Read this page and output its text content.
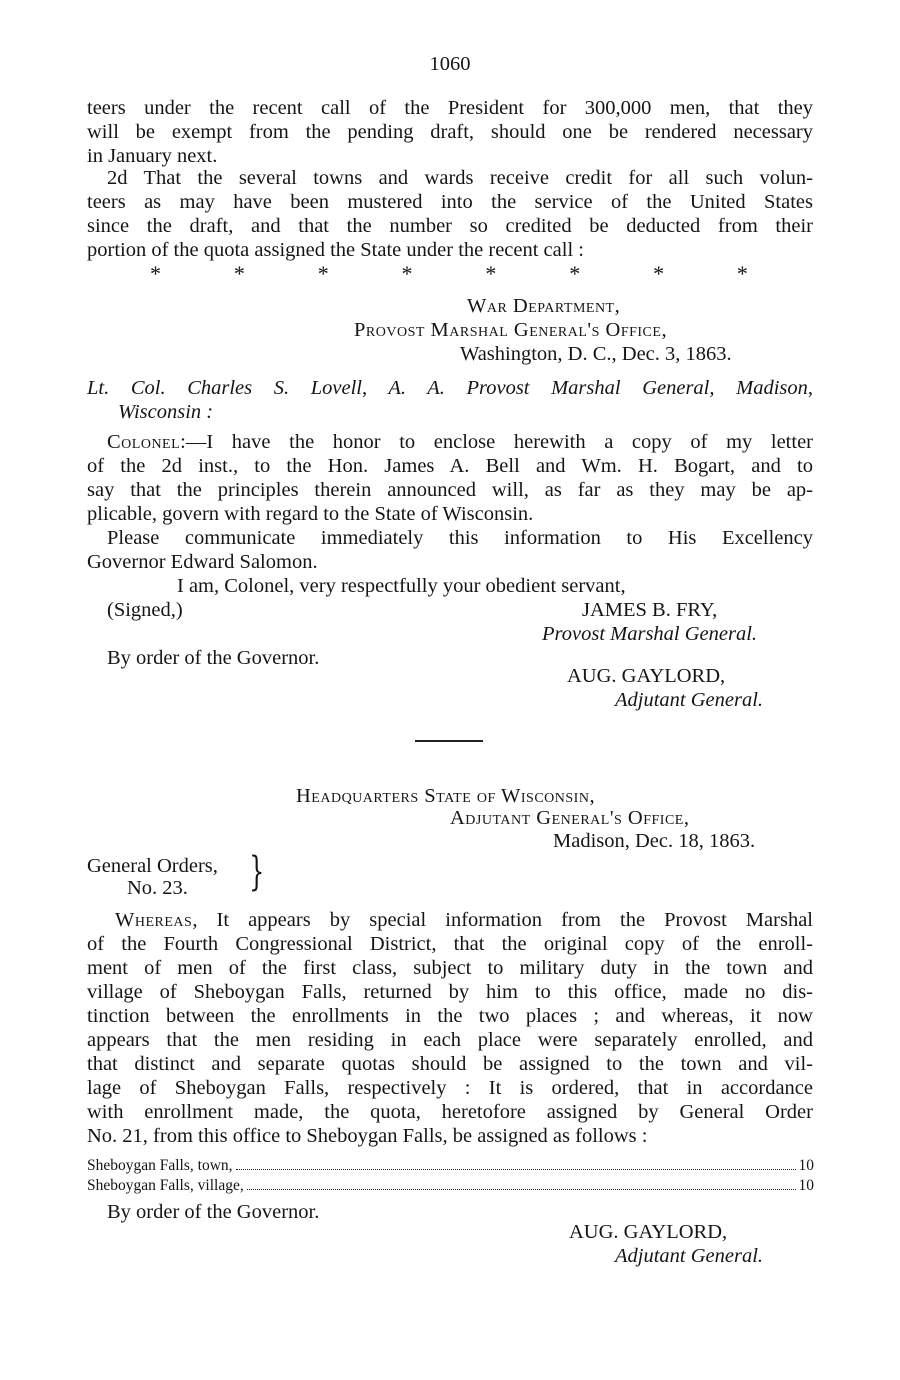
1060
teers under the recent call of the President for 300,000 men, that they
will be exempt from the pending draft, should one be rendered necessary
in January next.
2d That the several towns and wards receive credit for all such volun-
teers as may have been mustered into the service of the United States
since the draft, and that the number so credited be deducted from their
portion of the quota assigned the State under the recent call :
*	*	*	*	*	*	*	*
War Department,
Provost Marshal General's Office,
Washington, D. C., Dec. 3, 1863.
Lt. Col. Charles S. Lovell, A. A. Provost Marshal General, Madison,
Wisconsin :
Colonel :—I have the honor to enclose herewith a copy of my letter
of the 2d inst., to the Hon. James A. Bell and Wm. H. Bogart, and to
say that the principles therein announced will, as far as they may be ap-
plicable, govern with regard to the State of Wisconsin.
Please communicate immediately this information to His Excellency
Governor Edward Salomon.
I am, Colonel, very respectfully your obedient servant,
(Signed,)	JAMES B. FRY,
Provost Marshal General.
By order of the Governor.
AUG. GAYLORD,
Adjutant General.
Headquarters State of Wisconsin,
Adjutant General's Office,
Madison, Dec. 18, 1863.
General Orders,
No. 23. }
Whereas , It appears by special information from the Provost Marshal
of the Fourth Congressional District, that the original copy of the enroll-
ment of men of the first class, subject to military duty in the town and
village of Sheboygan Falls, returned by him to this office, made no dis-
tinction between the enrollments in the two places ; and whereas, it now
appears that the men residing in each place were separately enrolled, and
that distinct and separate quotas should be assigned to the town and vil-
lage of Sheboygan Falls, respectively : It is ordered, that in accordance
with enrollment made, the quota, heretofore assigned by General Order
No. 21, from this office to Sheboygan Falls, be assigned as follows :
Sheboygan Falls, town,	10
Sheboygan Falls, village,	10
By order of the Governor.
AUG. GAYLORD,
Adjutant General.
